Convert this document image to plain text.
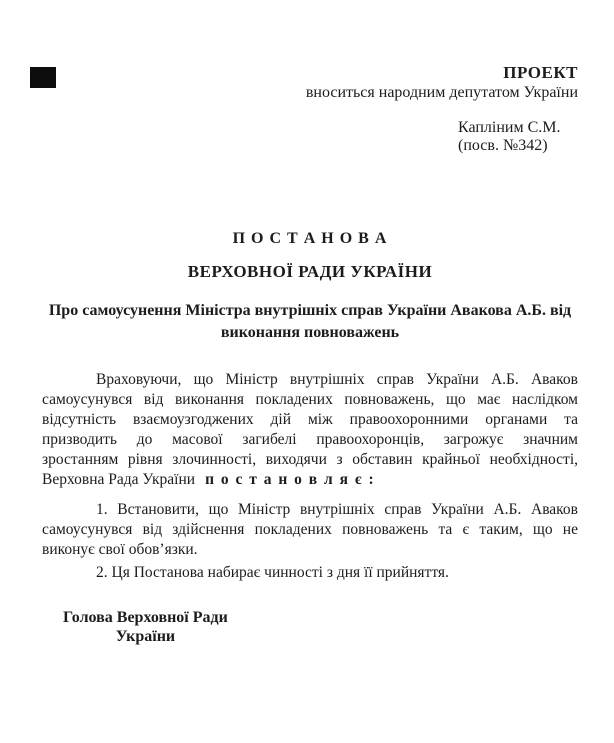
ПРОЕКТ
вноситься народним депутатом України
Капліним С.М.
(посв. №342)
П О С Т А Н О В А
ВЕРХОВНОЇ РАДИ УКРАЇНИ
Про самоусунення Міністра внутрішніх справ України Авакова А.Б. від
виконання повноважень
Враховуючи, що Міністр внутрішніх справ України А.Б. Аваков
самоусунувся від виконання покладених повноважень, що має наслідком
відсутність взаємоузгоджених дій між правоохоронними органами та
призводить до масової загибелі правоохоронців, загрожує значним
зростанням рівня злочинності, виходячи з обставин крайньої необхідності,
Верховна Рада України п о с т а н о в л я є :
1. Встановити, що Міністр внутрішніх справ України А.Б. Аваков
самоусунувся від здійснення покладених повноважень та є таким, що не
виконує свої обов’язки.
2. Ця Постанова набирає чинності з дня її прийняття.
Голова Верховної Ради
України
